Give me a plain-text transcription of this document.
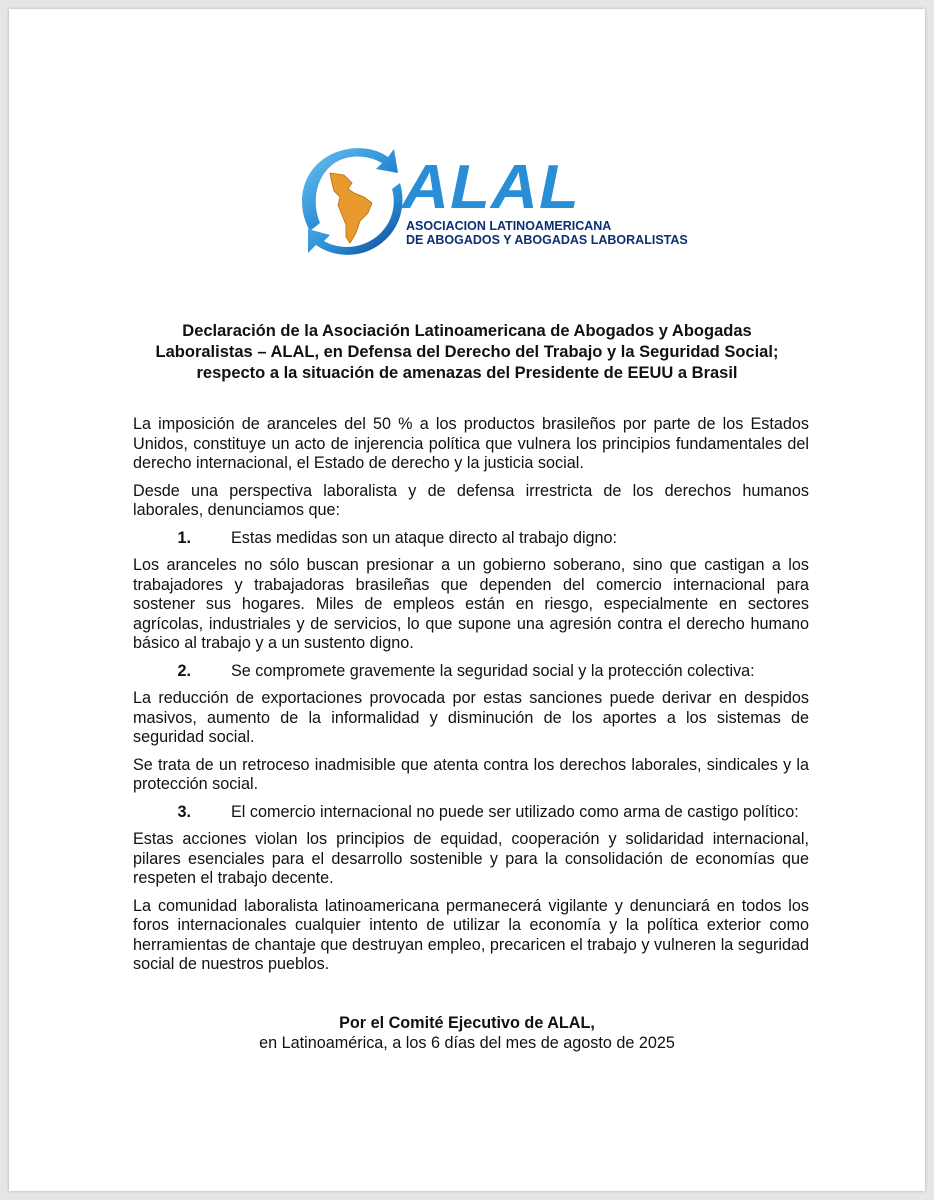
ALAL
ASOCIACION LATINOAMERICANA
DE ABOGADOS Y ABOGADAS LABORALISTAS
Declaración de la Asociación Latinoamericana de Abogados y Abogadas
Laboralistas – ALAL, en Defensa del Derecho del Trabajo y la Seguridad Social;
respecto a la situación de amenazas del Presidente de EEUU a Brasil

La imposición de aranceles del 50 % a los productos brasileños por parte de los Estados Unidos, constituye un acto de injerencia política que vulnera los principios fundamentales del derecho internacional, el Estado de derecho y la justicia social.

Desde una perspectiva laboralista y de defensa irrestricta de los derechos humanos laborales, denunciamos que:

1. Estas medidas son un ataque directo al trabajo digno:

Los aranceles no sólo buscan presionar a un gobierno soberano, sino que castigan a los trabajadores y trabajadoras brasileñas que dependen del comercio internacional para sostener sus hogares. Miles de empleos están en riesgo, especialmente en sectores agrícolas, industriales y de servicios, lo que supone una agresión contra el derecho humano básico al trabajo y a un sustento digno.

2. Se compromete gravemente la seguridad social y la protección colectiva:

La reducción de exportaciones provocada por estas sanciones puede derivar en despidos masivos, aumento de la informalidad y disminución de los aportes a los sistemas de seguridad social.

Se trata de un retroceso inadmisible que atenta contra los derechos laborales, sindicales y la protección social.

3. El comercio internacional no puede ser utilizado como arma de castigo político:

Estas acciones violan los principios de equidad, cooperación y solidaridad internacional, pilares esenciales para el desarrollo sostenible y para la consolidación de economías que respeten el trabajo decente.

La comunidad laboralista latinoamericana permanecerá vigilante y denunciará en todos los foros internacionales cualquier intento de utilizar la economía y la política exterior como herramientas de chantaje que destruyan empleo, precaricen el trabajo y vulneren la seguridad social de nuestros pueblos.

Por el Comité Ejecutivo de ALAL,
en Latinoamérica, a los 6 días del mes de agosto de 2025
